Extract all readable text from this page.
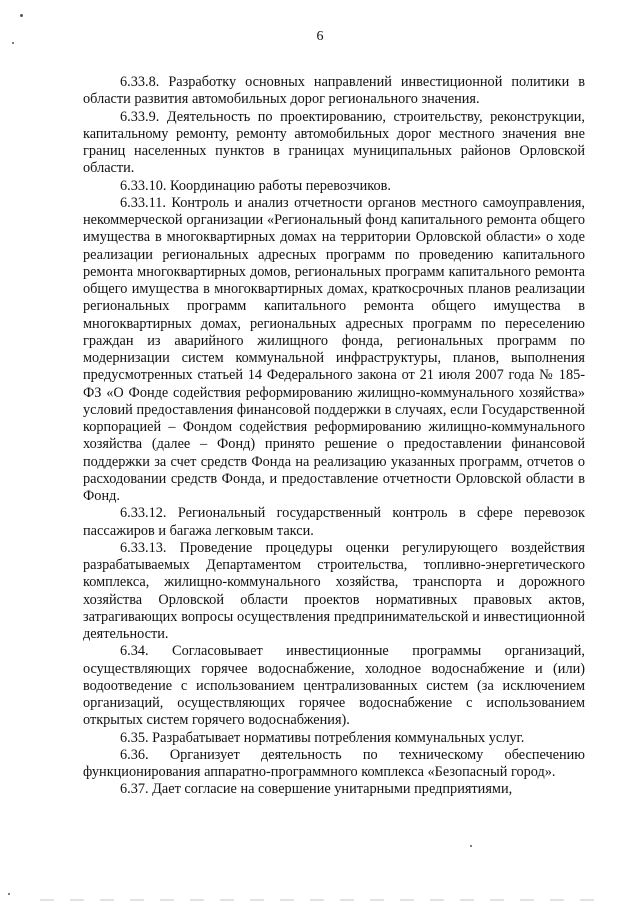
6

6.33.8. Разработку основных направлений инвестиционной политики в области развития автомобильных дорог регионального значения.

6.33.9. Деятельность по проектированию, строительству, реконструкции, капитальному ремонту, ремонту автомобильных дорог местного значения вне границ населенных пунктов в границах муниципальных районов Орловской области.

6.33.10. Координацию работы перевозчиков.

6.33.11. Контроль и анализ отчетности органов местного самоуправления, некоммерческой организации «Региональный фонд капитального ремонта общего имущества в многоквартирных домах на территории Орловской области» о ходе реализации региональных адресных программ по проведению капитального ремонта многоквартирных домов, региональных программ капитального ремонта общего имущества в многоквартирных домах, краткосрочных планов реализации региональных программ капитального ремонта общего имущества в многоквартирных домах, региональных адресных программ по переселению граждан из аварийного жилищного фонда, региональных программ по модернизации систем коммунальной инфраструктуры, планов, выполнения предусмотренных статьей 14 Федерального закона от 21 июля 2007 года № 185-ФЗ «О Фонде содействия реформированию жилищно-коммунального хозяйства» условий предоставления финансовой поддержки в случаях, если Государственной корпорацией – Фондом содействия реформированию жилищно-коммунального хозяйства (далее – Фонд) принято решение о предоставлении финансовой поддержки за счет средств Фонда на реализацию указанных программ, отчетов о расходовании средств Фонда, и предоставление отчетности Орловской области в Фонд.

6.33.12. Региональный государственный контроль в сфере перевозок пассажиров и багажа легковым такси.

6.33.13. Проведение процедуры оценки регулирующего воздействия разрабатываемых Департаментом строительства, топливно-энергетического комплекса, жилищно-коммунального хозяйства, транспорта и дорожного хозяйства Орловской области проектов нормативных правовых актов, затрагивающих вопросы осуществления предпринимательской и инвестиционной деятельности.

6.34. Согласовывает инвестиционные программы организаций, осуществляющих горячее водоснабжение, холодное водоснабжение и (или) водоотведение с использованием централизованных систем (за исключением организаций, осуществляющих горячее водоснабжение с использованием открытых систем горячего водоснабжения).

6.35. Разрабатывает нормативы потребления коммунальных услуг.

6.36. Организует деятельность по техническому обеспечению функционирования аппаратно-программного комплекса «Безопасный город».

6.37. Дает согласие на совершение унитарными предприятиями,
